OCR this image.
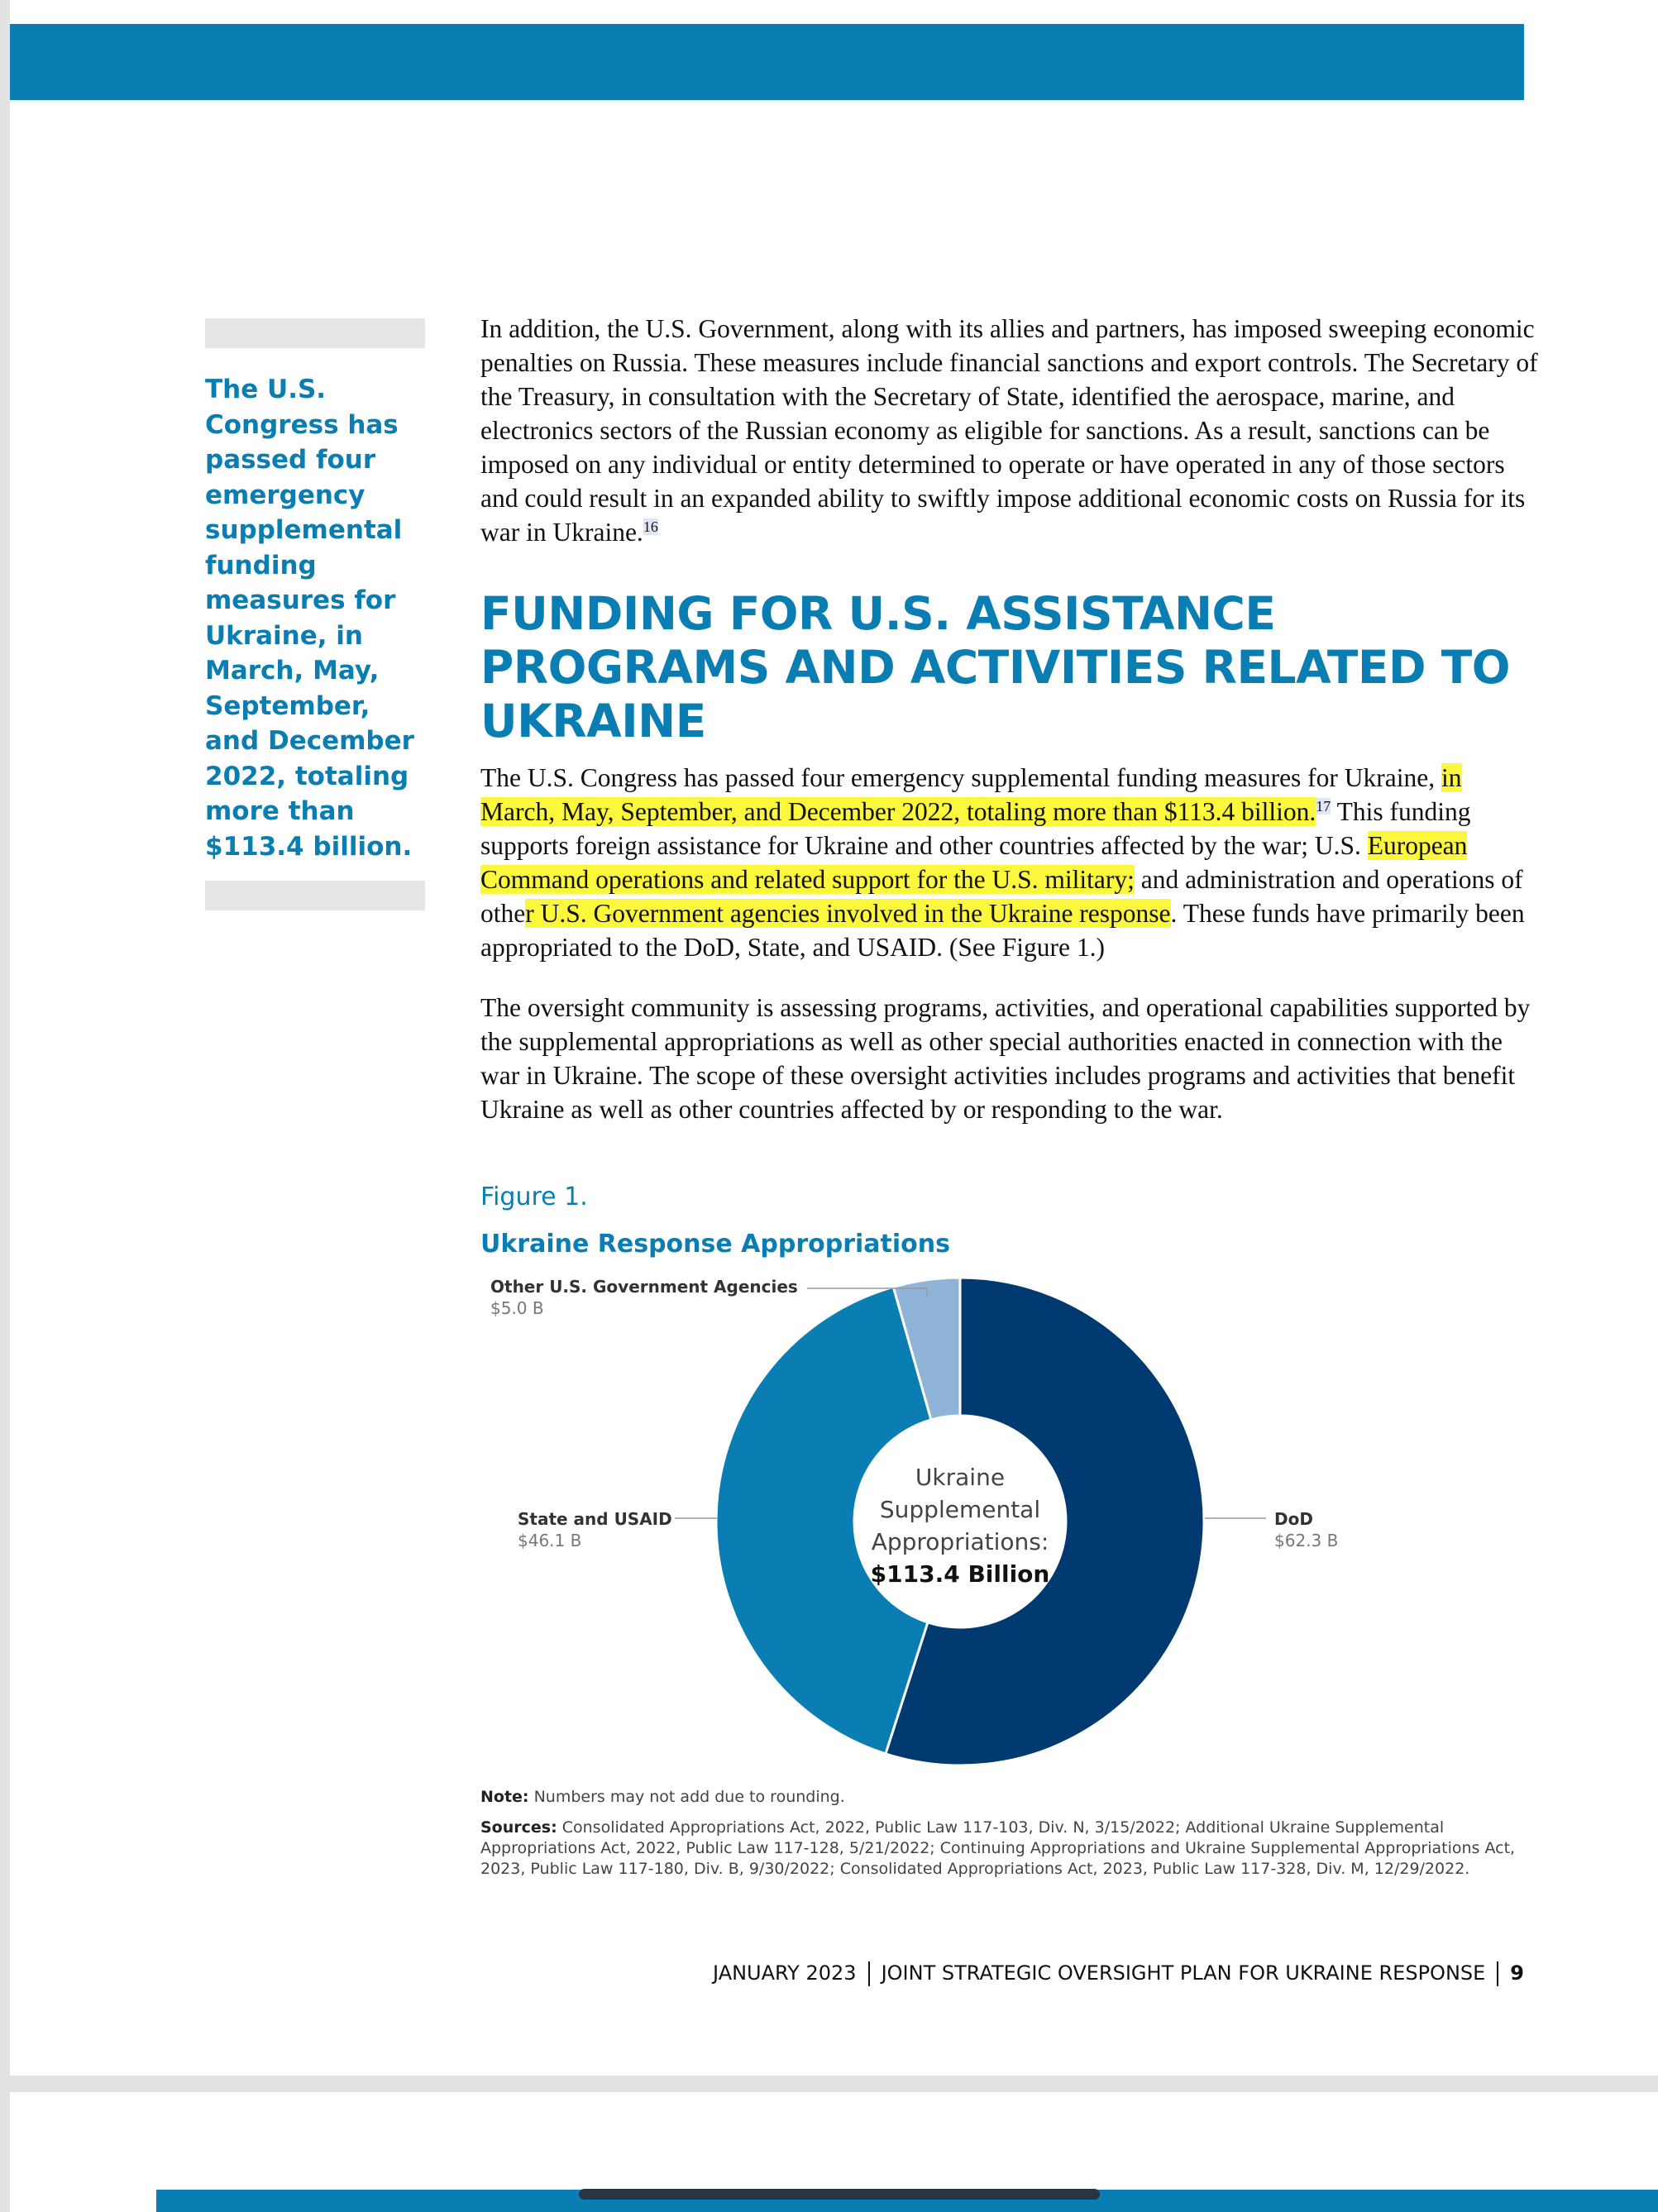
The U.S. Congress has passed four emergency supplemental funding measures for Ukraine, in March, May, September, and December 2022, totaling more than $113.4 billion.

In addition, the U.S. Government, along with its allies and partners, has imposed sweeping economic penalties on Russia. These measures include financial sanctions and export controls. The Secretary of the Treasury, in consultation with the Secretary of State, identified the aerospace, marine, and electronics sectors of the Russian economy as eligible for sanctions. As a result, sanctions can be imposed on any individual or entity determined to operate or have operated in any of those sectors and could result in an expanded ability to swiftly impose additional economic costs on Russia for its war in Ukraine.$^{16}$

FUNDING FOR U.S. ASSISTANCE PROGRAMS AND ACTIVITIES RELATED TO UKRAINE

The U.S. Congress has passed four emergency supplemental funding measures for Ukraine, in March, May, September, and December 2022, totaling more than $113.4 billion.$^{17}$ This funding supports foreign assistance for Ukraine and other countries affected by the war; U.S. European Command operations and related support for the U.S. military; and administration and operations of other U.S. Government agencies involved in the Ukraine response. These funds have primarily been appropriated to the DoD, State, and USAID. (See Figure 1.)

The oversight community is assessing programs, activities, and operational capabilities supported by the supplemental appropriations as well as other special authorities enacted in connection with the war in Ukraine. The scope of these oversight activities includes programs and activities that benefit Ukraine as well as other countries affected by or responding to the war.

Figure 1.

Ukraine Response Appropriations

DoD
$62.3 B
State and USAID
$46.1 B
Other U.S. Government Agencies
$5.0 B
Ukraine
Supplemental
Appropriations:
$113.4 Billion

Note: Numbers may not add due to rounding.

Sources: Consolidated Appropriations Act, 2022, Public Law 117-103, Div. N, 3/15/2022; Additional Ukraine Supplemental Appropriations Act, 2022, Public Law 117-128, 5/21/2022; Continuing Appropriations and Ukraine Supplemental Appropriations Act, 2023, Public Law 117-180, Div. B, 9/30/2022; Consolidated Appropriations Act, 2023, Public Law 117-328, Div. M, 12/29/2022.

JANUARY 2023 JOINT STRATEGIC OVERSIGHT PLAN FOR UKRAINE RESPONSE 9
